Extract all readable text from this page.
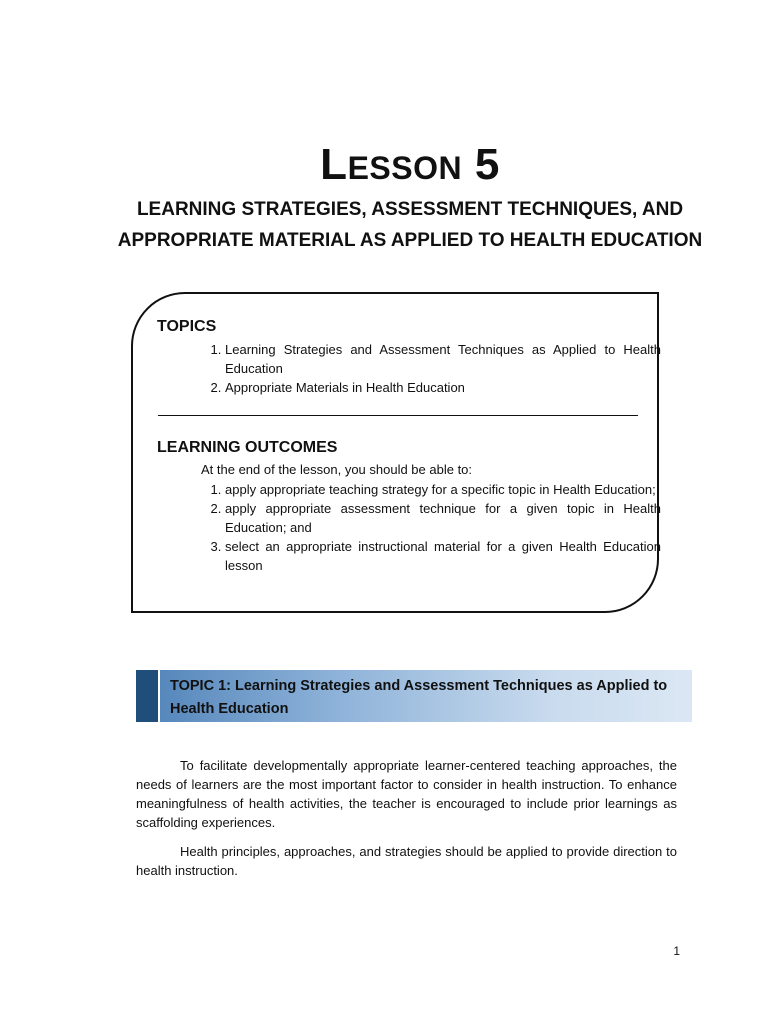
LESSON 5
LEARNING STRATEGIES, ASSESSMENT TECHNIQUES, AND
APPROPRIATE MATERIAL AS APPLIED TO HEALTH EDUCATION
TOPICS
1. Learning Strategies and Assessment Techniques as Applied to Health Education
2. Appropriate Materials in Health Education
LEARNING OUTCOMES
At the end of the lesson, you should be able to:
1. apply appropriate teaching strategy for a specific topic in Health Education;
2. apply appropriate assessment technique for a given topic in Health Education; and
3. select an appropriate instructional material for a given Health Education lesson
TOPIC 1: Learning Strategies and Assessment Techniques as Applied to Health Education

To facilitate developmentally appropriate learner-centered teaching approaches, the needs of learners are the most important factor to consider in health instruction. To enhance meaningfulness of health activities, the teacher is encouraged to include prior learnings as scaffolding experiences.

Health principles, approaches, and strategies should be applied to provide direction to health instruction.

1
